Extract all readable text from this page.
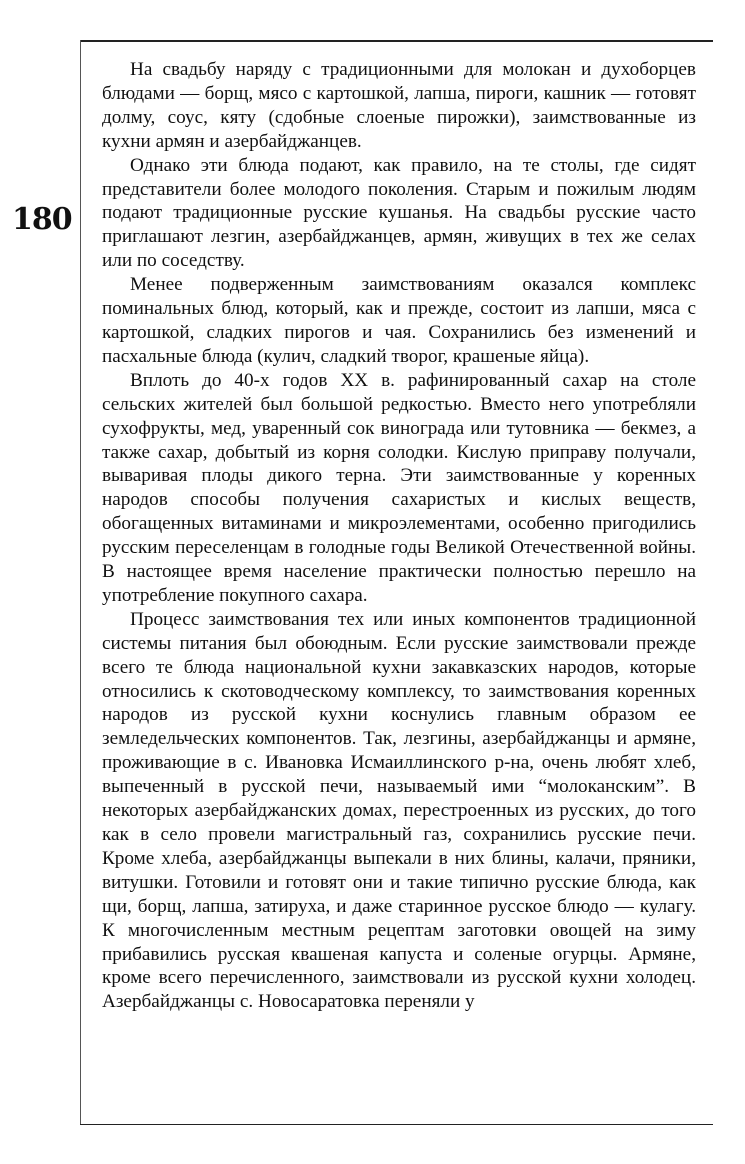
180

На свадьбу наряду с традиционными для молокан и духоборцев блюдами — борщ, мясо с картошкой, лапша, пироги, кашник — готовят долму, соус, кяту (сдобные слоеные пирожки), заимствованные из кухни армян и азербайджанцев.

Однако эти блюда подают, как правило, на те столы, где сидят представители более молодого поколения. Старым и пожилым людям подают традиционные русские кушанья. На свадьбы русские часто приглашают лезгин, азербайджанцев, армян, живущих в тех же селах или по соседству.

Менее подверженным заимствованиям оказался комплекс поминальных блюд, который, как и прежде, состоит из лапши, мяса с картошкой, сладких пирогов и чая. Сохранились без изменений и пасхальные блюда (кулич, сладкий творог, крашеные яйца).

Вплоть до 40-х годов XX в. рафинированный сахар на столе сельских жителей был большой редкостью. Вместо него употребляли сухофрукты, мед, уваренный сок винограда или тутовника — бекмез, а также сахар, добытый из корня солодки. Кислую приправу получали, вываривая плоды дикого терна. Эти заимствованные у коренных народов способы получения сахаристых и кислых веществ, обогащенных витаминами и микроэлементами, особенно пригодились русским переселенцам в голодные годы Великой Отечественной войны. В настоящее время население практически полностью перешло на употребление покупного сахара.

Процесс заимствования тех или иных компонентов традиционной системы питания был обоюдным. Если русские заимствовали прежде всего те блюда национальной кухни закавказских народов, которые относились к скотоводческому комплексу, то заимствования коренных народов из русской кухни коснулись главным образом ее земледельческих компонентов. Так, лезгины, азербайджанцы и армяне, проживающие в с. Ивановка Исмаиллинского р-на, очень любят хлеб, выпеченный в русской печи, называемый ими “молоканским”. В некоторых азербайджанских домах, перестроенных из русских, до того как в село провели магистральный газ, сохранились русские печи. Кроме хлеба, азербайджанцы выпекали в них блины, калачи, пряники, витушки. Готовили и готовят они и такие типично русские блюда, как щи, борщ, лапша, затируха, и даже старинное русское блюдо — кулагу. К многочисленным местным рецептам заготовки овощей на зиму прибавились русская квашеная капуста и соленые огурцы. Армяне, кроме всего перечисленного, заимствовали из русской кухни холодец. Азербайджанцы с. Новосаратовка переняли у
